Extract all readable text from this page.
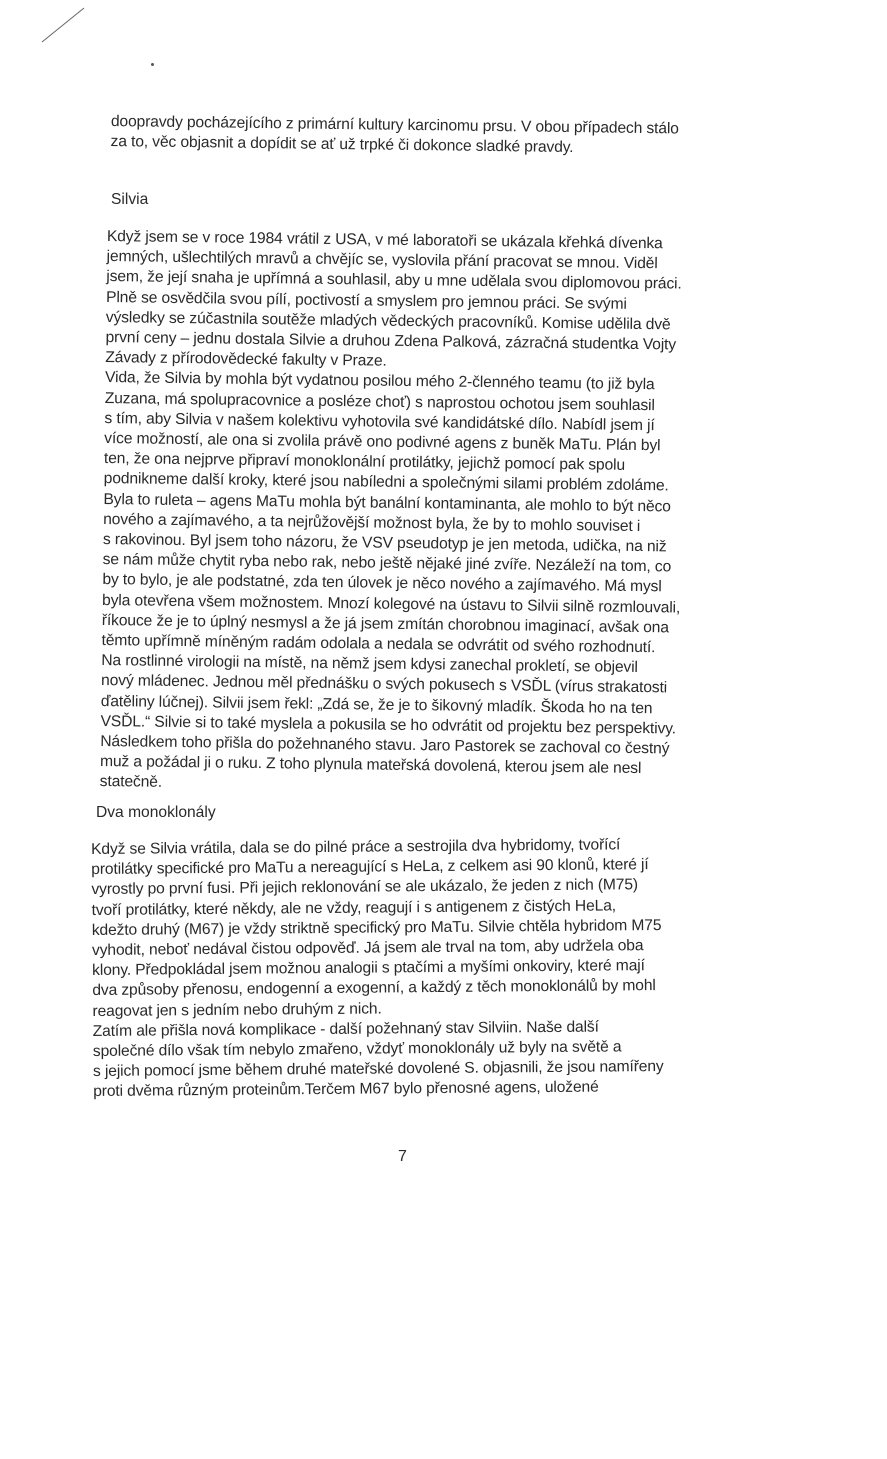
doopravdy pocházejícího z primární kultury karcinomu prsu. V obou případech stálo
za to, věc objasnit a dopídit se ať už trpké či dokonce sladké pravdy.
Silvia
Když jsem se v roce 1984 vrátil z USA, v mé laboratoři se ukázala křehká dívenka
jemných, ušlechtilých mravů a chvějíc se, vyslovila přání pracovat se mnou. Viděl
jsem, že její snaha je upřímná a souhlasil, aby u mne udělala svou diplomovou práci.
Plně se osvědčila svou pílí, poctivostí a smyslem pro jemnou práci. Se svými
výsledky se zúčastnila soutěže mladých vědeckých pracovníků. Komise udělila dvě
první ceny – jednu dostala Silvie a druhou Zdena Palková, zázračná studentka Vojty
Závady z přírodovědecké fakulty v Praze.
Vida, že Silvia by mohla být vydatnou posilou mého 2-členného teamu (to již byla
Zuzana, má spolupracovnice a posléze choť) s naprostou ochotou jsem souhlasil
s tím, aby Silvia v našem kolektivu vyhotovila své kandidátské dílo. Nabídl jsem jí
více možností, ale ona si zvolila právě ono podivné agens z buněk MaTu. Plán byl
ten, že ona nejprve připraví monoklonální protilátky, jejichž pomocí pak spolu
podnikneme další kroky, které jsou nabíledni a společnými silami problém zdoláme.
Byla to ruleta – agens MaTu mohla být banální kontaminanta, ale mohlo to být něco
nového a zajímavého, a ta nejrůžovější možnost byla, že by to mohlo souviset i
s rakovinou. Byl jsem toho názoru, že VSV pseudotyp je jen metoda, udička, na niž
se nám může chytit ryba nebo rak, nebo ještě nějaké jiné zvíře. Nezáleží na tom, co
by to bylo, je ale podstatné, zda ten úlovek je něco nového a zajímavého. Má mysl
byla otevřena všem možnostem. Mnozí kolegové na ústavu to Silvii silně rozmlouvali,
říkouce že je to úplný nesmysl a že já jsem zmítán chorobnou imaginací, avšak ona
těmto upřímně míněným radám odolala a nedala se odvrátit od svého rozhodnutí.
Na rostlinné virologii na místě, na němž jsem kdysi zanechal prokletí, se objevil
nový mládenec. Jednou měl přednášku o svých pokusech s VSĎL (vírus strakatosti
ďatěliny lúčnej). Silvii jsem řekl: „Zdá se, že je to šikovný mladík. Škoda ho na ten
VSĎL.“ Silvie si to také myslela a pokusila se ho odvrátit od projektu bez perspektivy.
Následkem toho přišla do požehnaného stavu. Jaro Pastorek se zachoval co čestný
muž a požádal ji o ruku. Z toho plynula mateřská dovolená, kterou jsem ale nesl
statečně.
Dva monoklonály
Když se Silvia vrátila, dala se do pilné práce a sestrojila dva hybridomy, tvořící
protilátky specifické pro MaTu a nereagující s HeLa, z celkem asi 90 klonů, které jí
vyrostly po první fusi. Při jejich reklonování se ale ukázalo, že jeden z nich (M75)
tvoří protilátky, které někdy, ale ne vždy, reagují i s antigenem z čistých HeLa,
kdežto druhý (M67) je vždy striktně specifický pro MaTu. Silvie chtěla hybridom M75
vyhodit, neboť nedával čistou odpověď. Já jsem ale trval na tom, aby udržela oba
klony. Předpokládal jsem možnou analogii s ptačími a myšími onkoviry, které mají
dva způsoby přenosu, endogenní a exogenní, a každý z těch monoklonálů by mohl
reagovat jen s jedním nebo druhým z nich.
Zatím ale přišla nová komplikace - další požehnaný stav Silviin. Naše další
společné dílo však tím nebylo zmařeno, vždyť monoklonály už byly na světě a
s jejich pomocí jsme během druhé mateřské dovolené S. objasnili, že jsou namířeny
proti dvěma různým proteinům.Terčem M67 bylo přenosné agens, uložené
7
